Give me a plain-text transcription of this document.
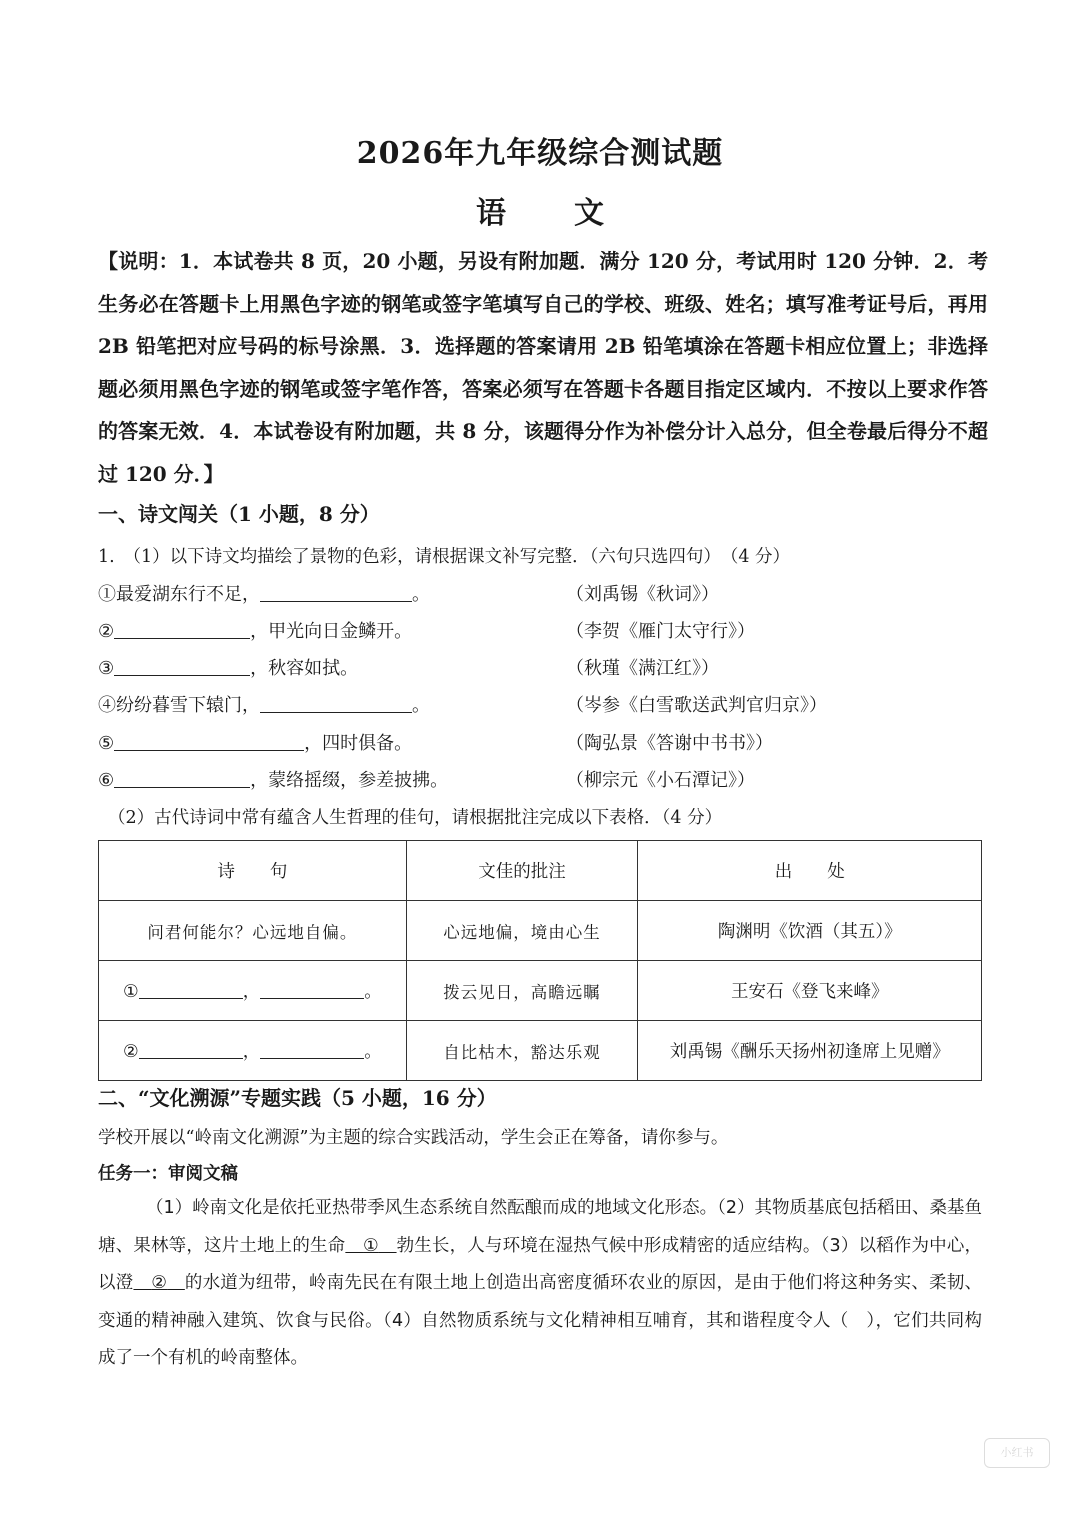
2026年九年级综合测试题
语 文
【说明：1．本试卷共 8 页，20 小题，另设有附加题．满分 120 分，考试用时 120 分钟．2．考生务必在答题卡上用黑色字迹的钢笔或签字笔填写自己的学校、班级、姓名；填写准考证号后，再用 2B 铅笔把对应号码的标号涂黑．3．选择题的答案请用 2B 铅笔填涂在答题卡相应位置上；非选择题必须用黑色字迹的钢笔或签字笔作答，答案必须写在答题卡各题目指定区域内．不按以上要求作答的答案无效．4．本试卷设有附加题，共 8 分，该题得分作为补偿分计入总分，但全卷最后得分不超过 120 分．】
一、诗文闯关（1 小题，8 分）
1.　（1）以下诗文均描绘了景物的色彩，请根据课文补写完整．（六句只选四句）　（4 分）
①最爱湖东行不足，	。	（刘禹锡《秋词》）
②	，甲光向日金鳞开。	（李贺《雁门太守行》）
③	，秋容如拭。	（秋瑾《满江红》）
④纷纷暮雪下辕门，	。	（岑参《白雪歌送武判官归京》）
⑤	，四时俱备。	（陶弘景《答谢中书书》）
⑥	，蒙络摇缀，参差披拂。	（柳宗元《小石潭记》）
（2）古代诗词中常有蕴含人生哲理的佳句，请根据批注完成以下表格．（4 分）
诗　　句	文佳的批注	出　　处
问君何能尔？心远地自偏。	心远地偏，境由心生	陶渊明《饮酒（其五）》
① ， 。	拨云见日，高瞻远瞩	王安石《登飞来峰》
② ， 。	自比枯木，豁达乐观	刘禹锡《酬乐天扬州初逢席上见赠》
二、“文化溯源”专题实践（5 小题，16 分）
学校开展以“岭南文化溯源”为主题的综合实践活动，学生会正在筹备，请你参与。
任务一：审阅文稿
（1）岭南文化是依托亚热带季风生态系统自然酝酿而成的地域文化形态。（2）其物质基底包括稻田、桑基鱼塘、果林等，这片土地上的生命　 ①　 勃生长，人与环境在湿热气候中形成精密的适应结构。（3）以稻作为中心，以澄　 ②　 的水道为纽带，岭南先民在有限土地上创造出高密度循环农业的原因，是由于他们将这种务实、柔韧、变通的精神融入建筑、饮食与民俗。（4）自然物质系统与文化精神相互哺育，其和谐程度令人（　），它们共同构成了一个有机的岭南整体。
小红书
